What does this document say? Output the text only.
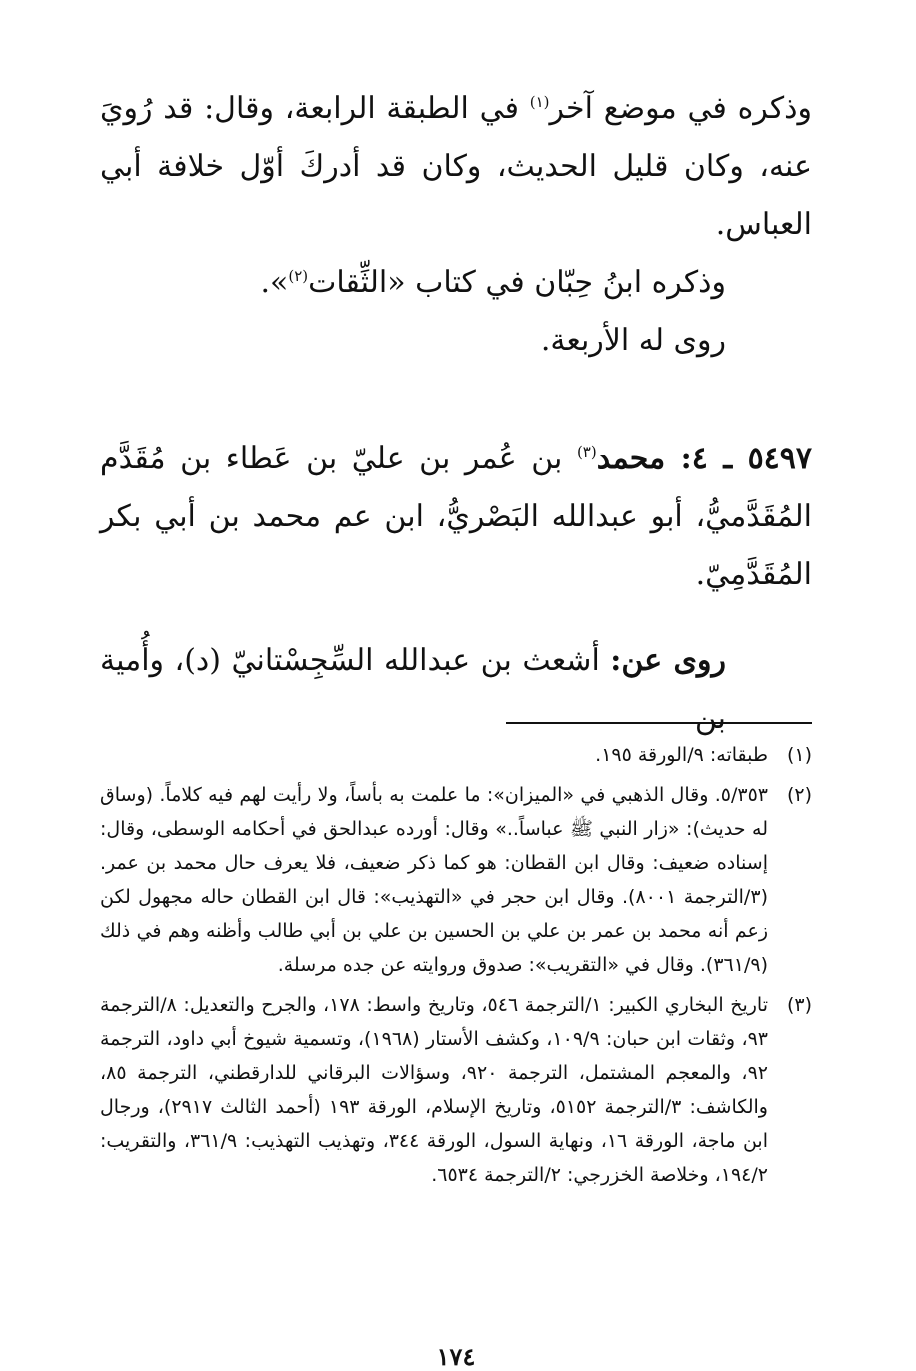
وذكره في موضع آخر$^{(١)}$ في الطبقة الرابعة، وقال: قد رُويَ عنه، وكان قليل الحديث، وكان قد أدركَ أوّل خلافة أبي العباس.

وذكره ابنُ حِبّان في كتاب «الثِّقات$^{(٢)}$».

روى له الأربعة.

٥٤٩٧ ـ ٤: محمد$^{(٣)}$ بن عُمر بن عليّ بن عَطاء بن مُقَدَّم المُقَدَّميُّ، أبو عبدالله البَصْريُّ، ابن عم محمد بن أبي بكر المُقَدَّمِيّ.

روى عن: أشعث بن عبدالله السِّجِسْتانيّ (د)، وأُمية بن

(١)
طبقاته: ٩/الورقة ١٩٥.
(٢)
٥/٣٥٣. وقال الذهبي في «الميزان»: ما علمت به بأساً، ولا رأيت لهم فيه كلاماً. (وساق له حديث): «زار النبي ﷺ عباساً..» وقال: أورده عبدالحق في أحكامه الوسطى، وقال: إسناده ضعيف: وقال ابن القطان: هو كما ذكر ضعيف، فلا يعرف حال محمد بن عمر. (٣/الترجمة ٨٠٠١). وقال ابن حجر في «التهذيب»: قال ابن القطان حاله مجهول لكن زعم أنه محمد بن عمر بن علي بن الحسين بن علي بن أبي طالب وأظنه وهم في ذلك (٣٦١/٩). وقال في «التقريب»: صدوق وروايته عن جده مرسلة.
(٣)
تاريخ البخاري الكبير: ١/الترجمة ٥٤٦، وتاريخ واسط: ١٧٨، والجرح والتعديل: ٨/الترجمة ٩٣، وثقات ابن حبان: ١٠٩/٩، وكشف الأستار (١٩٦٨)، وتسمية شيوخ أبي داود، الترجمة ٩٢، والمعجم المشتمل، الترجمة ٩٢٠، وسؤالات البرقاني للدارقطني، الترجمة ٨٥، والكاشف: ٣/الترجمة ٥١٥٢، وتاريخ الإسلام، الورقة ١٩٣ (أحمد الثالث ٢٩١٧)، ورجال ابن ماجة، الورقة ١٦، ونهاية السول، الورقة ٣٤٤، وتهذيب التهذيب: ٣٦١/٩، والتقريب: ١٩٤/٢، وخلاصة الخزرجي: ٢/الترجمة ٦٥٣٤.
١٧٤
